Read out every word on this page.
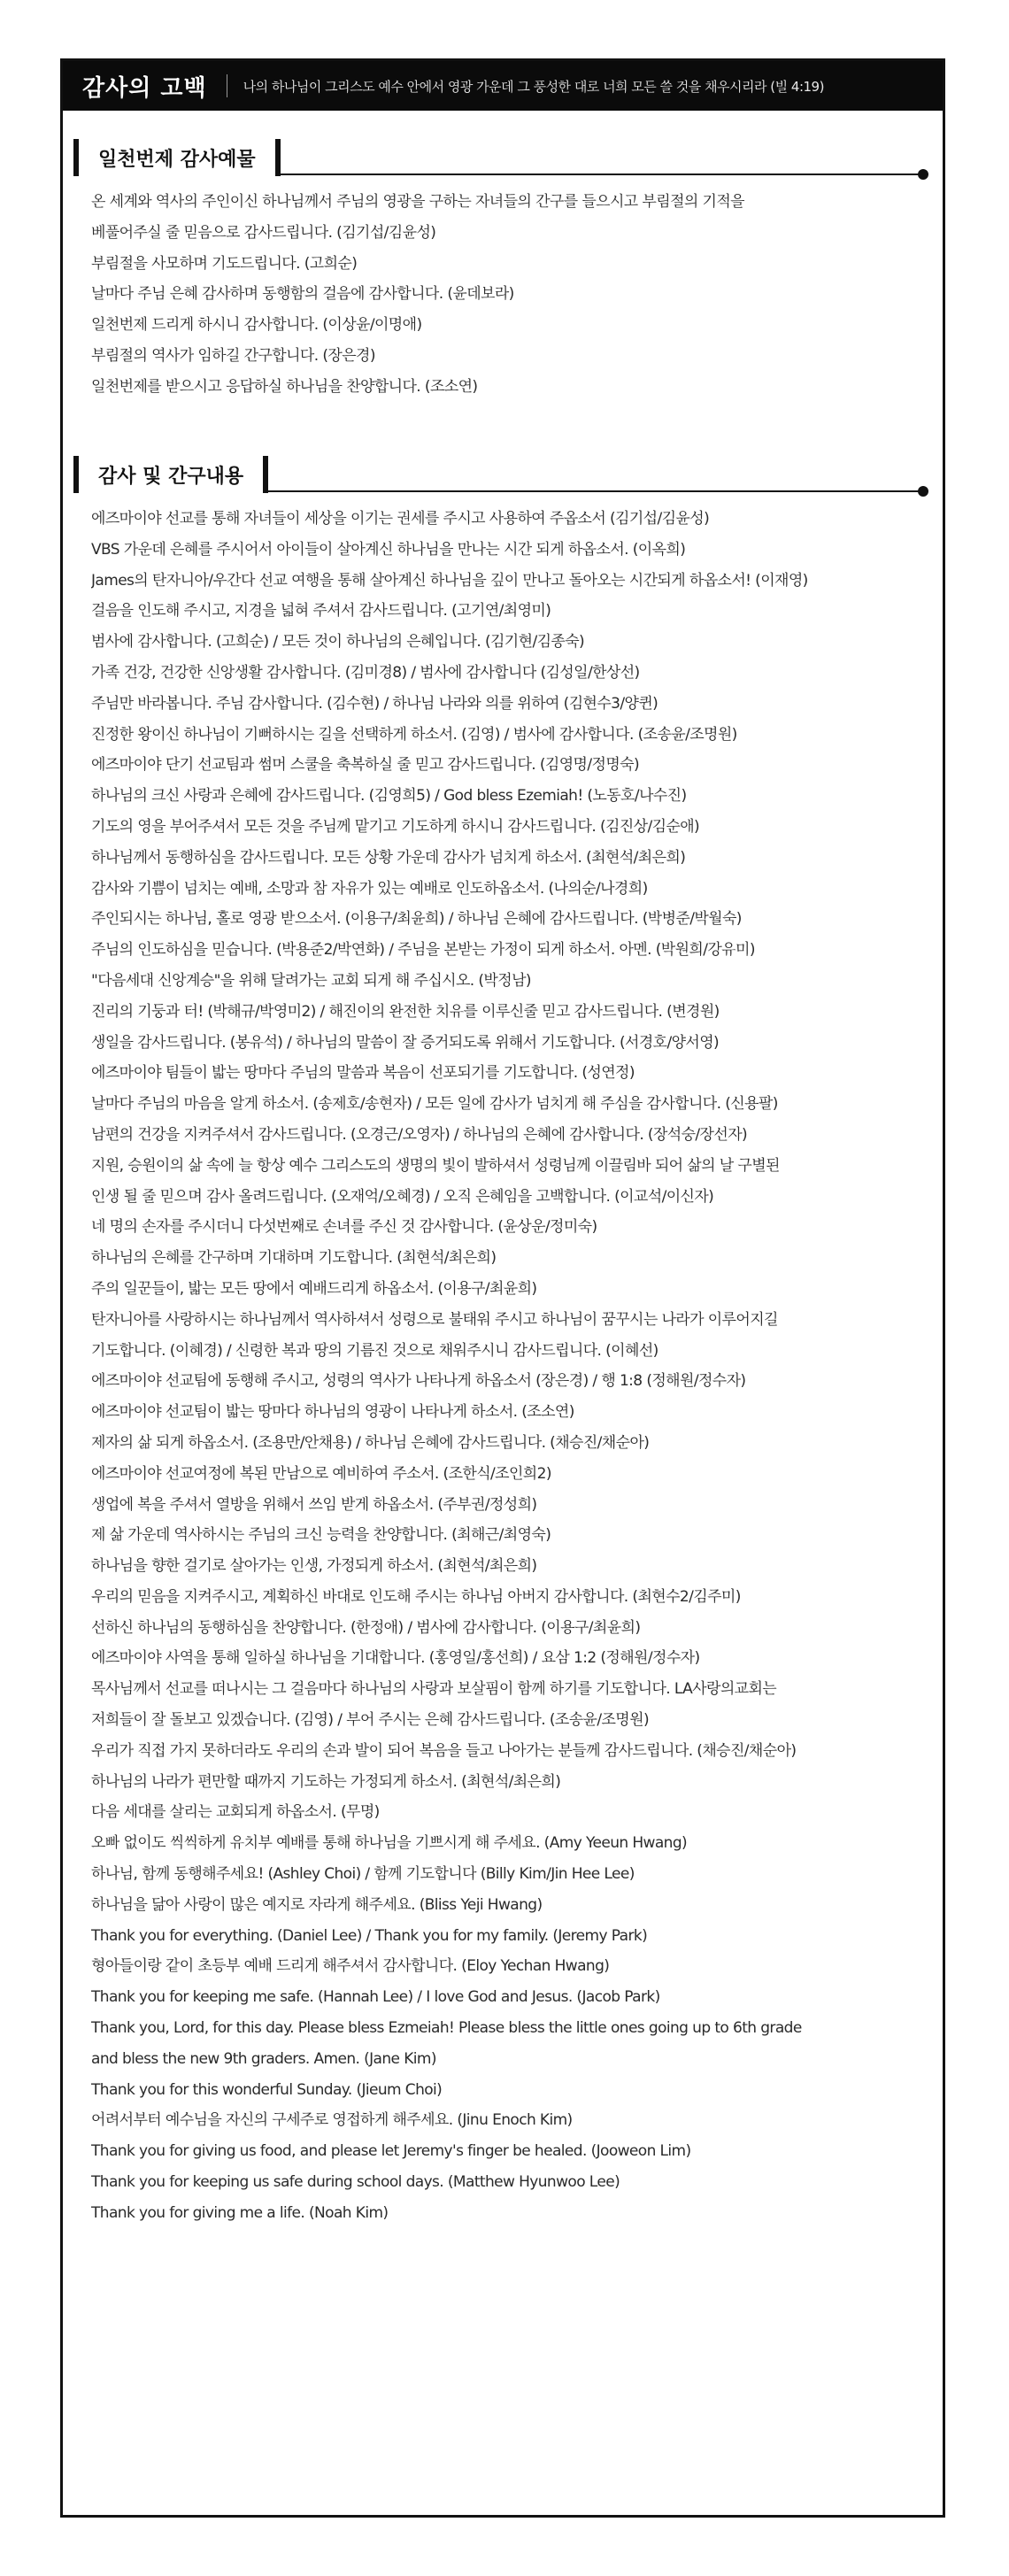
감사의 고백	나의 하나님이 그리스도 예수 안에서 영광 가운데 그 풍성한 대로 너희 모든 쓸 것을 채우시리라 (빌 4:19)
일천번제 감사예물
온 세계와 역사의 주인이신 하나님께서 주님의 영광을 구하는 자녀들의 간구를 들으시고 부림절의 기적을
베풀어주실 줄 믿음으로 감사드립니다. (김기섭/김윤성)
부림절을 사모하며 기도드립니다. (고희순)
날마다 주님 은혜 감사하며 동행함의 걸음에 감사합니다. (윤데보라)
일천번제 드리게 하시니 감사합니다. (이상윤/이명애)
부림절의 역사가 임하길 간구합니다. (장은경)
일천번제를 받으시고 응답하실 하나님을 찬양합니다. (조소연)
감사 및 간구내용
에즈마이야 선교를 통해 자녀들이 세상을 이기는 권세를 주시고 사용하여 주옵소서 (김기섭/김윤성)
VBS 가운데 은혜를 주시어서 아이들이 살아계신 하나님을 만나는 시간 되게 하옵소서. (이옥희)
James의 탄자니아/우간다 선교 여행을 통해 살아계신 하나님을 깊이 만나고 돌아오는 시간되게 하옵소서! (이재영)
걸음을 인도해 주시고, 지경을 넓혀 주셔서 감사드립니다. (고기연/최영미)
범사에 감사합니다. (고희순) / 모든 것이 하나님의 은혜입니다. (김기현/김종숙)
가족 건강, 건강한 신앙생활 감사합니다. (김미경8) / 범사에 감사합니다 (김성일/한상선)
주님만 바라봅니다. 주님 감사합니다. (김수현) / 하나님 나라와 의를 위하여 (김현수3/양퀸)
진정한 왕이신 하나님이 기뻐하시는 길을 선택하게 하소서. (김영) / 범사에 감사합니다. (조송윤/조명원)
에즈마이야 단기 선교팀과 썸머 스쿨을 축복하실 줄 믿고 감사드립니다. (김영명/정명숙)
하나님의 크신 사랑과 은혜에 감사드립니다. (김영희5) / God bless Ezemiah! (노동호/나수진)
기도의 영을 부어주셔서 모든 것을 주님께 맡기고 기도하게 하시니 감사드립니다. (김진상/김순애)
하나님께서 동행하심을 감사드립니다. 모든 상황 가운데 감사가 넘치게 하소서. (최현석/최은희)
감사와 기쁨이 넘치는 예배, 소망과 참 자유가 있는 예배로 인도하옵소서. (나의순/나경희)
주인되시는 하나님, 홀로 영광 받으소서. (이용구/최윤희) / 하나님 은혜에 감사드립니다. (박병준/박월숙)
주님의 인도하심을 믿습니다. (박용준2/박연화) / 주님을 본받는 가정이 되게 하소서. 아멘. (박원희/강유미)
"다음세대 신앙계승"을 위해 달려가는 교회 되게 해 주십시오. (박정남)
진리의 기둥과 터! (박해규/박영미2) / 해진이의 완전한 치유를 이루신줄 믿고 감사드립니다. (변경원)
생일을 감사드립니다. (봉유석) / 하나님의 말씀이 잘 증거되도록 위해서 기도합니다. (서경호/양서영)
에즈마이야 팀들이 밟는 땅마다 주님의 말씀과 복음이 선포되기를 기도합니다. (성연정)
날마다 주님의 마음을 알게 하소서. (송제호/송현자) / 모든 일에 감사가 넘치게 해 주심을 감사합니다. (신용팔)
남편의 건강을 지켜주셔서 감사드립니다. (오경근/오영자) / 하나님의 은혜에 감사합니다. (장석숭/장선자)
지원, 승원이의 삶 속에 늘 항상 예수 그리스도의 생명의 빛이 발하셔서 성령님께 이끌림바 되어 삶의 날 구별된
인생 될 줄 믿으며 감사 올려드립니다. (오재억/오혜경) / 오직 은혜임을 고백합니다. (이교석/이신자)
네 명의 손자를 주시더니 다섯번째로 손녀를 주신 것 감사합니다. (윤상운/정미숙)
하나님의 은혜를 간구하며 기대하며 기도합니다. (최현석/최은희)
주의 일꾼들이, 밟는 모든 땅에서 예배드리게 하옵소서. (이용구/최윤희)
탄자니아를 사랑하시는 하나님께서 역사하셔서 성령으로 불태워 주시고 하나님이 꿈꾸시는 나라가 이루어지길
기도합니다. (이혜경) / 신령한 복과 땅의 기름진 것으로 채워주시니 감사드립니다. (이혜선)
에즈마이야 선교팀에 동행해 주시고, 성령의 역사가 나타나게 하옵소서 (장은경) / 행 1:8 (정해원/정수자)
에즈마이야 선교팀이 밟는 땅마다 하나님의 영광이 나타나게 하소서. (조소연)
제자의 삶 되게 하옵소서. (조용만/안채용) / 하나님 은혜에 감사드립니다. (채승진/채순아)
에즈마이야 선교여정에 복된 만남으로 예비하여 주소서. (조한식/조인희2)
생업에 복을 주셔서 열방을 위해서 쓰임 받게 하옵소서. (주부권/정성희)
제 삶 가운데 역사하시는 주님의 크신 능력을 찬양합니다. (최해근/최영숙)
하나님을 향한 걸기로 살아가는 인생, 가정되게 하소서. (최현석/최은희)
우리의 믿음을 지켜주시고, 계획하신 바대로 인도해 주시는 하나님 아버지 감사합니다. (최현수2/김주미)
선하신 하나님의 동행하심을 찬양합니다. (한정애) / 범사에 감사합니다. (이용구/최윤희)
에즈마이야 사역을 통해 일하실 하나님을 기대합니다. (홍영일/홍선희) / 요삼 1:2 (정해원/정수자)
목사님께서 선교를 떠나시는 그 걸음마다 하나님의 사랑과 보살핌이 함께 하기를 기도합니다. LA사랑의교회는
저희들이 잘 돌보고 있겠습니다. (김영) / 부어 주시는 은혜 감사드립니다. (조송윤/조명원)
우리가 직접 가지 못하더라도 우리의 손과 발이 되어 복음을 들고 나아가는 분들께 감사드립니다. (채승진/채순아)
하나님의 나라가 편만할 때까지 기도하는 가정되게 하소서. (최현석/최은희)
다음 세대를 살리는 교회되게 하옵소서. (무명)
오빠 없이도 씩씩하게 유치부 예배를 통해 하나님을 기쁘시게 해 주세요. (Amy Yeeun Hwang)
하나님, 함께 동행해주세요! (Ashley Choi) / 함께 기도합니다 (Billy Kim/Jin Hee Lee)
하나님을 닮아 사랑이 많은 예지로 자라게 해주세요. (Bliss Yeji Hwang)
Thank you for everything. (Daniel Lee) / Thank you for my family. (Jeremy Park)
형아들이랑 같이 초등부 예배 드리게 해주셔서 감사합니다. (Eloy Yechan Hwang)
Thank you for keeping me safe. (Hannah Lee) / I love God and Jesus. (Jacob Park)
Thank you, Lord, for this day. Please bless Ezmeiah! Please bless the little ones going up to 6th grade
and bless the new 9th graders. Amen. (Jane Kim)
Thank you for this wonderful Sunday. (Jieum Choi)
어려서부터 예수님을 자신의 구세주로 영접하게 해주세요. (Jinu Enoch Kim)
Thank you for giving us food, and please let Jeremy's finger be healed. (Jooweon Lim)
Thank you for keeping us safe during school days. (Matthew Hyunwoo Lee)
Thank you for giving me a life. (Noah Kim)
